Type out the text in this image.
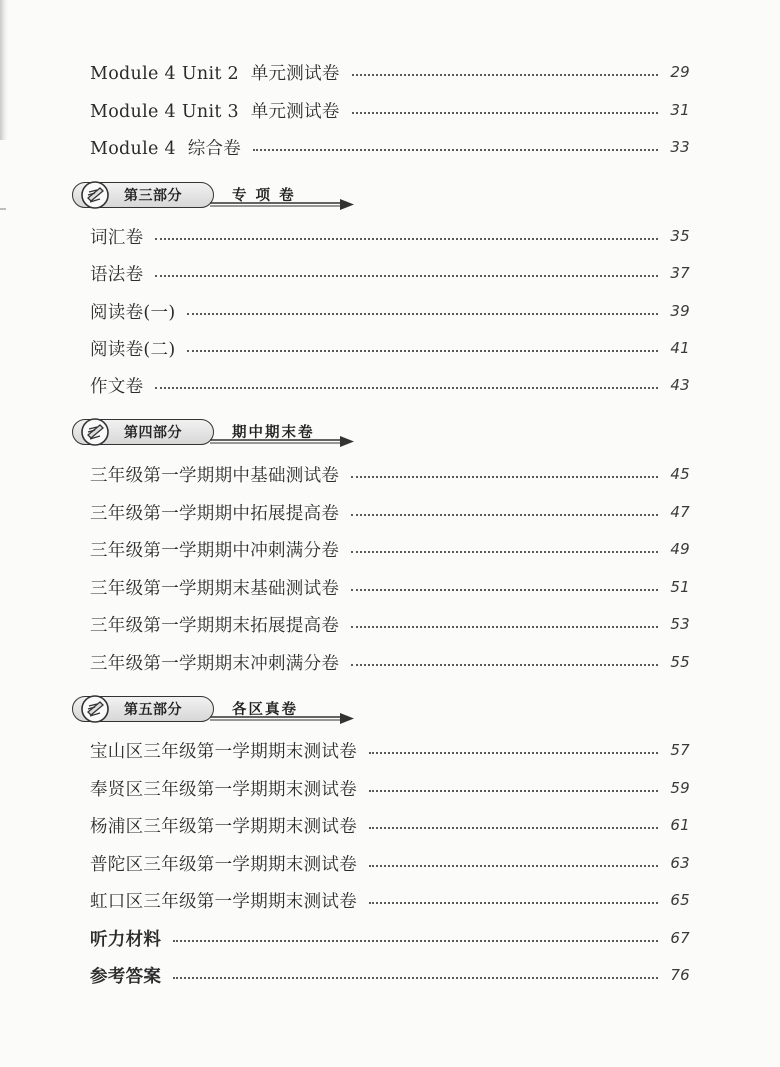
Module 4 Unit 2  单元测试卷	29
Module 4 Unit 3  单元测试卷	31
Module 4  综合卷	33
第三部分	专 项 卷
词汇卷	35
语法卷	37
阅读卷(一)	39
阅读卷(二)	41
作文卷	43
第四部分	期中期末卷
三年级第一学期期中基础测试卷	45
三年级第一学期期中拓展提高卷	47
三年级第一学期期中冲刺满分卷	49
三年级第一学期期末基础测试卷	51
三年级第一学期期末拓展提高卷	53
三年级第一学期期末冲刺满分卷	55
第五部分	各区真卷
宝山区三年级第一学期期末测试卷	57
奉贤区三年级第一学期期末测试卷	59
杨浦区三年级第一学期期末测试卷	61
普陀区三年级第一学期期末测试卷	63
虹口区三年级第一学期期末测试卷	65
听力材料	67
参考答案	76
